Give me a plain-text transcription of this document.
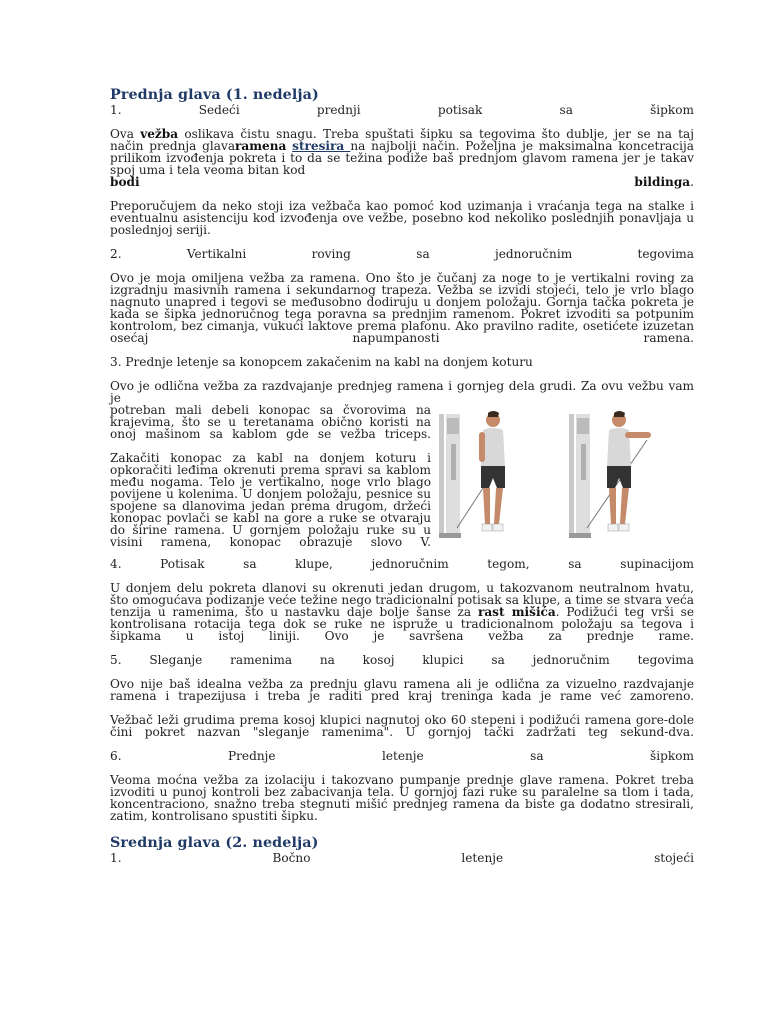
Prednja glava (1. nedelja)

1.	Sedeći	prednji	potisak	sa	šipkom

Ova vežba oslikava čistu snagu. Treba spuštati šipku sa tegovima što dublje, jer se na taj način prednja glavaramena stresira na najbolji način. Poželjna je maksimalna koncetracija prilikom izvođenja pokreta i to da se težina podiže baš prednjom glavom ramena jer je takav spoj uma i tela veoma bitan kod

bodi	bildinga.

Preporučujem da neko stoji iza vežbača kao pomoć kod uzimanja i vraćanja tega na stalke i eventualnu asistenciju kod izvođenja ove vežbe, posebno kod nekoliko poslednjih ponavljaja u poslednjoj seriji.

2.	Vertikalni	roving	sa	jednoručnim	tegovima

Ovo je moja omiljena vežba za ramena. Ono što je čučanj za noge to je vertikalni roving za izgradnju masivnih ramena i sekundarnog trapeza. Vežba se izvidi stojeći, telo je vrlo blago nagnuto unapred i tegovi se međusobno dodiruju u donjem položaju. Gornja tačka pokreta je kada se šipka jednoručnog tega poravna sa prednjim ramenom. Pokret izvoditi sa potpunim kontrolom, bez cimanja, vukući laktove prema plafonu. Ako pravilno radite, osetićete izuzetan osećaj napumpanosti ramena.

3. Prednje letenje sa konopcem zakačenim na kabl na donjem koturu

Ovo je odlična vežba za razdvajanje prednjeg ramena i gornjeg dela grudi. Za ovu vežbu vam je

potreban mali debeli konopac sa čvorovima na krajevima, što se u teretanama obično koristi na onoj mašinom sa kablom gde se vežba triceps.

Zakačiti konopac za kabl na donjem koturu i opkoračiti leđima okrenuti prema spravi sa kablom među nogama. Telo je vertikalno, noge vrlo blago povijene u kolenima. U donjem položaju, pesnice su spojene sa dlanovima jedan prema drugom, držeći konopac povlači se kabl na gore a ruke se otvaraju do širine ramena. U gornjem položaju ruke su u visini ramena, konopac obrazuje slovo V.

4.	Potisak	sa	klupe,	jednoručnim	tegom,	sa	supinacijom

U donjem delu pokreta dlanovi su okrenuti jedan drugom, u takozvanom neutralnom hvatu, što omogućava podizanje veće težine nego tradicionalni potisak sa klupe, a time se stvara veća tenzija u ramenima, što u nastavku daje bolje šanse za rast mišića. Podižući teg vrši se kontrolisana rotacija tega dok se ruke ne ispruže u tradicionalnom položaju sa tegova i šipkama u istoj liniji. Ovo je savršena vežba za prednje rame.

5. Sleganje ramenima na kosoj klupici sa jednoručnim tegovima

Ovo nije baš idealna vežba za prednju glavu ramena ali je odlična za vizuelno razdvajanje ramena i trapezijusa i treba je raditi pred kraj treninga kada je rame već zamoreno.

Vežbač leži grudima prema kosoj klupici nagnutoj oko 60 stepeni i podižući ramena gore-dole čini pokret nazvan "sleganje ramenima". U gornjoj tački zadržati teg sekund-dva.

6.	Prednje	letenje	sa	šipkom

Veoma moćna vežba za izolaciju i takozvano pumpanje prednje glave ramena. Pokret treba izvoditi u punoj kontroli bez zabacivanja tela. U gornjoj fazi ruke su paralelne sa tlom i tada, koncentraciono, snažno treba stegnuti mišić prednjeg ramena da biste ga dodatno stresirali, zatim, kontrolisano spustiti šipku.

Srednja glava (2. nedelja)

1.	Bočno	letenje	stojeći
